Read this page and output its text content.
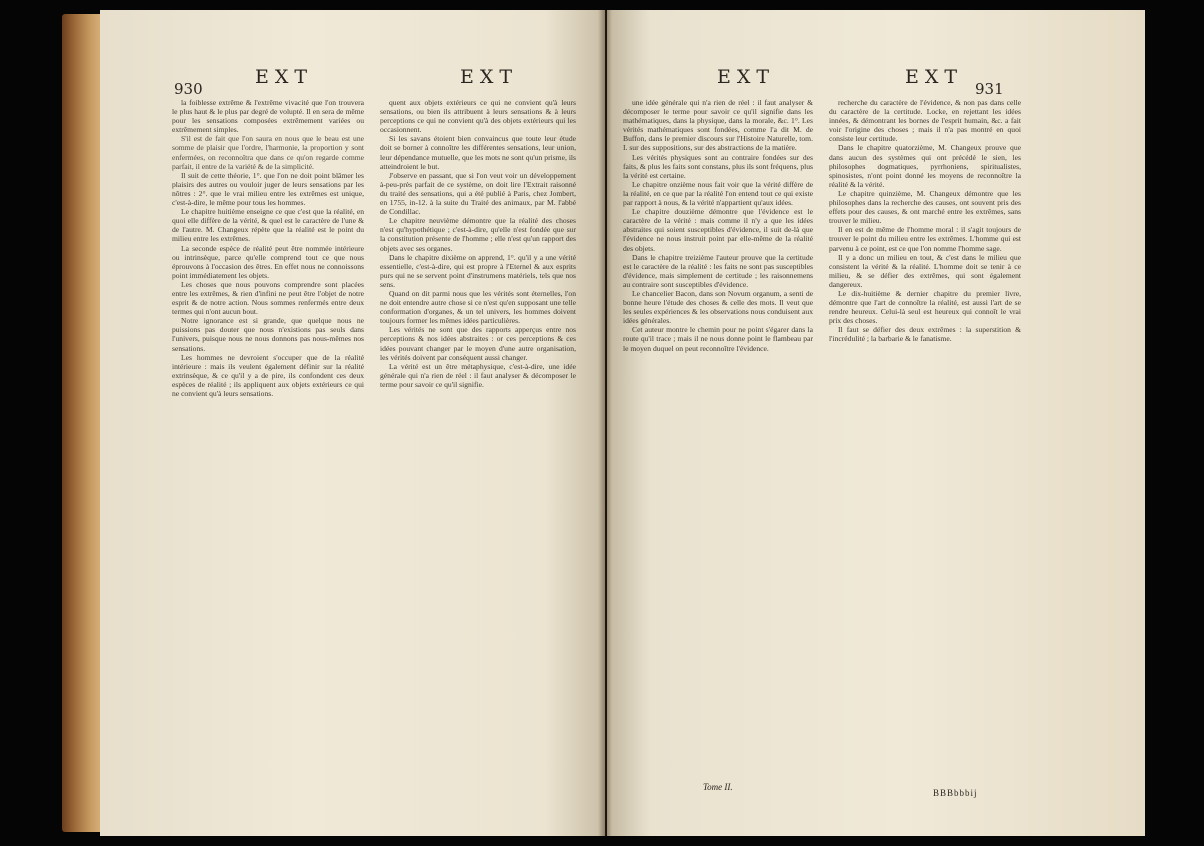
930
EXT	EXT

la foiblesse extrême & l'extrême vivacité que l'on trouvera le plus haut & le plus par degré de volupté. Il en sera de même pour les sensations composées extrêmement variées ou extrêmement simples.

S'il est de fait que l'on saura en nous que le beau est une somme de plaisir que l'ordre, l'harmonie, la proportion y sont enfermées, on reconnoîtra que dans ce qu'on regarde comme parfait, il entre de la variété & de la simplicité.

Il suit de cette théorie, 1°. que l'on ne doit point blâmer les plaisirs des autres ou vouloir juger de leurs sensations par les nôtres : 2°. que le vrai milieu entre les extrêmes est unique, c'est-à-dire, le même pour tous les hommes.

Le chapitre huitième enseigne ce que c'est que la réalité, en quoi elle diffère de la vérité, & quel est le caractère de l'une & de l'autre. M. Changeux répète que la réalité est le point du milieu entre les extrêmes.

La seconde espèce de réalité peut être nommée intérieure ou intrinsèque, parce qu'elle comprend tout ce que nous éprouvons à l'occasion des êtres. En effet nous ne connoissons point immédiatement les objets.

Les choses que nous pouvons comprendre sont placées entre les extrêmes, & rien d'infini ne peut être l'objet de notre esprit & de notre action. Nous sommes renfermés entre deux termes qui n'ont aucun bout.

Notre ignorance est si grande, que quelque nous ne puissions pas douter que nous n'existions pas seuls dans l'univers, puisque nous ne nous donnons pas nous-mêmes nos sensations.

Les hommes ne devroient s'occuper que de la réalité intérieure : mais ils veulent également définir sur la réalité extrinsèque, & ce qu'il y a de pire, ils confondent ces deux espèces de réalité ; ils appliquent aux objets extérieurs ce qui ne convient qu'à leurs sensations.

quent aux objets extérieurs ce qui ne convient qu'à leurs sensations, ou bien ils attribuent à leurs sensations & à leurs perceptions ce qui ne convient qu'à des objets extérieurs qui les occasionnent.

Si les savans étoient bien convaincus que toute leur étude doit se borner à connoître les différentes sensations, leur union, leur dépendance mutuelle, que les mots ne sont qu'un prisme, ils atteindroient le but.

J'observe en passant, que si l'on veut voir un développement à-peu-près parfait de ce système, on doit lire l'Extrait raisonné du traité des sensations, qui a été publié à Paris, chez Jombert, en 1755, in-12. à la suite du Traité des animaux, par M. l'abbé de Condillac.

Le chapitre neuvième démontre que la réalité des choses n'est qu'hypothétique ; c'est-à-dire, qu'elle n'est fondée que sur la constitution présente de l'homme ; elle n'est qu'un rapport des objets avec ses organes.

Dans le chapitre dixième on apprend, 1°. qu'il y a une vérité essentielle, c'est-à-dire, qui est propre à l'Eternel & aux esprits purs qui ne se servent point d'instrumens matériels, tels que nos sens.

Quand on dit parmi nous que les vérités sont éternelles, l'on ne doit entendre autre chose si ce n'est qu'en supposant une telle conformation d'organes, & un tel univers, les hommes doivent toujours former les mêmes idées particulières.

Les vérités ne sont que des rapports apperçus entre nos perceptions & nos idées abstraites : or ces perceptions & ces idées pouvant changer par le moyen d'une autre organisation, les vérités doivent par conséquent aussi changer.

La vérité est un être métaphysique, c'est-à-dire, une idée générale qui n'a rien de réel : il faut analyser & décomposer le terme pour savoir ce qu'il signifie.

EXT	EXT
931

une idée générale qui n'a rien de réel : il faut analyser & décomposer le terme pour savoir ce qu'il signifie dans les mathématiques, dans la physique, dans la morale, &c. 1°. Les vérités mathématiques sont fondées, comme l'a dit M. de Buffon, dans le premier discours sur l'Histoire Naturelle, tom. I. sur des suppositions, sur des abstractions de la matière.

Les vérités physiques sont au contraire fondées sur des faits, & plus les faits sont constans, plus ils sont fréquens, plus la vérité est certaine.

Le chapitre onzième nous fait voir que la vérité diffère de la réalité, en ce que par la réalité l'on entend tout ce qui existe par rapport à nous, & la vérité n'appartient qu'aux idées.

Le chapitre douzième démontre que l'évidence est le caractère de la vérité : mais comme il n'y a que les idées abstraites qui soient susceptibles d'évidence, il suit de-là que l'évidence ne nous instruit point par elle-même de la réalité des objets.

Dans le chapitre treizième l'auteur prouve que la certitude est le caractère de la réalité : les faits ne sont pas susceptibles d'évidence, mais simplement de certitude ; les raisonnemens au contraire sont susceptibles d'évidence.

Le chancelier Bacon, dans son Novum organum, a senti de bonne heure l'étude des choses & celle des mots. Il veut que les seules expériences & les observations nous conduisent aux idées générales.

Cet auteur montre le chemin pour ne point s'égarer dans la route qu'il trace ; mais il ne nous donne point le flambeau par le moyen duquel on peut reconnoître l'évidence.

recherche du caractère de l'évidence, & non pas dans celle du caractère de la certitude. Locke, en rejettant les idées innées, & démontrant les bornes de l'esprit humain, &c. a fait voir l'origine des choses ; mais il n'a pas montré en quoi consiste leur certitude.

Dans le chapitre quatorzième, M. Changeux prouve que dans aucun des systèmes qui ont précédé le sien, les philosophes dogmatiques, pyrrhoniens, spiritualistes, spinosistes, n'ont point donné les moyens de reconnoître la réalité & la vérité.

Le chapitre quinzième, M. Changeux démontre que les philosophes dans la recherche des causes, ont souvent pris des effets pour des causes, & ont marché entre les extrêmes, sans trouver le milieu.

Il en est de même de l'homme moral : il s'agit toujours de trouver le point du milieu entre les extrêmes. L'homme qui est parvenu à ce point, est ce que l'on nomme l'homme sage.

Il y a donc un milieu en tout, & c'est dans le milieu que consistent la vérité & la réalité. L'homme doit se tenir à ce milieu, & se défier des extrêmes, qui sont également dangereux.

Le dix-huitième & dernier chapitre du premier livre, démontre que l'art de connoître la réalité, est aussi l'art de se rendre heureux. Celui-là seul est heureux qui connoît le vrai prix des choses.

Il faut se défier des deux extrêmes : la superstition & l'incrédulité ; la barbarie & le fanatisme.

Tome II.
BBBbbbij
